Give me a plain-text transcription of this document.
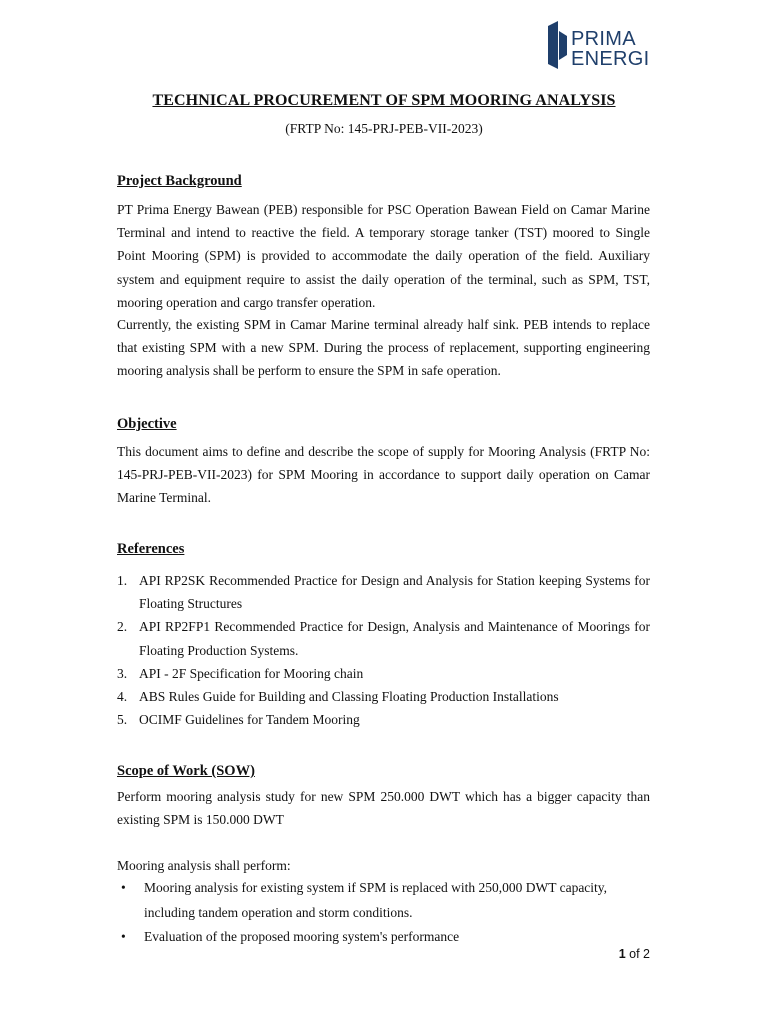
PRIMA
ENERGI
TECHNICAL PROCUREMENT OF SPM MOORING ANALYSIS
(FRTP No: 145-PRJ-PEB-VII-2023)
Project Background

PT Prima Energy Bawean (PEB) responsible for PSC Operation Bawean Field on Camar Marine Terminal and intend to reactive the field. A temporary storage tanker (TST) moored to Single Point Mooring (SPM) is provided to accommodate the daily operation of the field. Auxiliary system and equipment require to assist the daily operation of the terminal, such as SPM, TST, mooring operation and cargo transfer operation.

Currently, the existing SPM in Camar Marine terminal already half sink. PEB intends to replace that existing SPM with a new SPM. During the process of replacement, supporting engineering mooring analysis shall be perform to ensure the SPM in safe operation.

Objective

This document aims to define and describe the scope of supply for Mooring Analysis (FRTP No: 145-PRJ-PEB-VII-2023) for SPM Mooring in accordance to support daily operation on Camar Marine Terminal.

References
1. API RP2SK Recommended Practice for Design and Analysis for Station keeping Systems for Floating Structures
2. API RP2FP1 Recommended Practice for Design, Analysis and Maintenance of Moorings for Floating Production Systems.
3. API - 2F Specification for Mooring chain
4. ABS Rules Guide for Building and Classing Floating Production Installations
5. OCIMF Guidelines for Tandem Mooring
Scope of Work (SOW)

Perform mooring analysis study for new SPM 250.000 DWT which has a bigger capacity than existing SPM is 150.000 DWT

Mooring analysis shall perform:

• Mooring analysis for existing system if SPM is replaced with 250,000 DWT capacity, including tandem operation and storm conditions.
• Evaluation of the proposed mooring system's performance
1 of 2
